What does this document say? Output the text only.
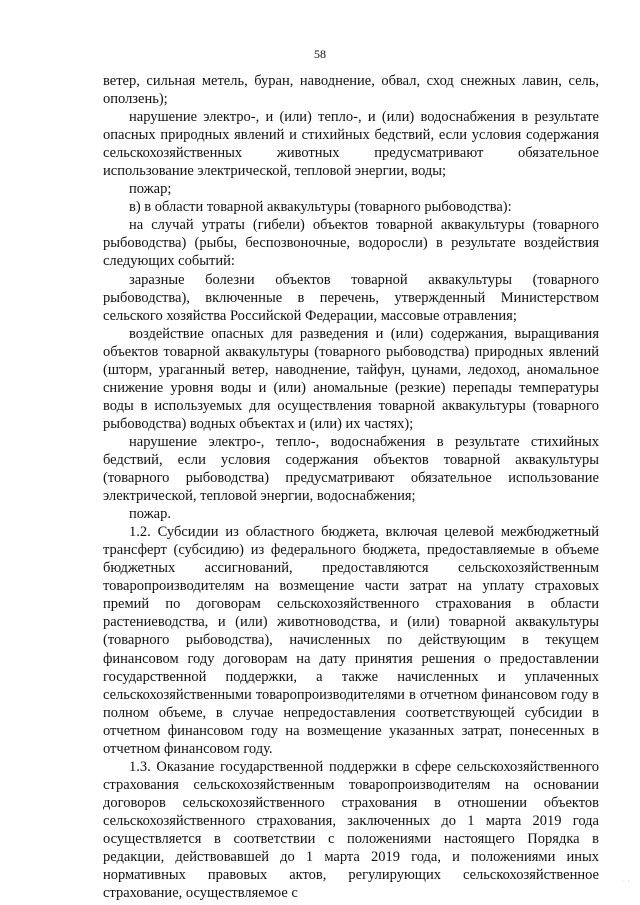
58

ветер, сильная метель, буран, наводнение, обвал, сход снежных лавин, сель, оползень);

нарушение электро-, и (или) тепло-, и (или) водоснабжения в результате опасных природных явлений и стихийных бедствий, если условия содержания сельскохозяйственных животных предусматривают обязательное использование электрической, тепловой энергии, воды;

пожар;

в) в области товарной аквакультуры (товарного рыбоводства):

на случай утраты (гибели) объектов товарной аквакультуры (товарного рыбоводства) (рыбы, беспозвоночные, водоросли) в результате воздействия следующих событий:

заразные болезни объектов товарной аквакультуры (товарного рыбоводства), включенные в перечень, утвержденный Министерством сельского хозяйства Российской Федерации, массовые отравления;

воздействие опасных для разведения и (или) содержания, выращивания объектов товарной аквакультуры (товарного рыбоводства) природных явлений (шторм, ураганный ветер, наводнение, тайфун, цунами, ледоход, аномальное снижение уровня воды и (или) аномальные (резкие) перепады температуры воды в используемых для осуществления товарной аквакультуры (товарного рыбоводства) водных объектах и (или) их частях);

нарушение электро-, тепло-, водоснабжения в результате стихийных бедствий, если условия содержания объектов товарной аквакультуры (товарного рыбоводства) предусматривают обязательное использование электрической, тепловой энергии, водоснабжения;

пожар.

1.2. Субсидии из областного бюджета, включая целевой межбюджетный трансферт (субсидию) из федерального бюджета, предоставляемые в объеме бюджетных ассигнований, предоставляются сельскохозяйственным товаропроизводителям на возмещение части затрат на уплату страховых премий по договорам сельскохозяйственного страхования в области растениеводства, и (или) животноводства, и (или) товарной аквакультуры (товарного рыбоводства), начисленных по действующим в текущем финансовом году договорам на дату принятия решения о предоставлении государственной поддержки, а также начисленных и уплаченных сельскохозяйственными товаропроизводителями в отчетном финансовом году в полном объеме, в случае непредоставления соответствующей субсидии в отчетном финансовом году на возмещение указанных затрат, понесенных в отчетном финансовом году.

1.3. Оказание государственной поддержки в сфере сельскохозяйственного страхования сельскохозяйственным товаропроизводителям на основании договоров сельскохозяйственного страхования в отношении объектов сельскохозяйственного страхования, заключенных до 1 марта 2019 года осуществляется в соответствии с положениями настоящего Порядка в редакции, действовавшей до 1 марта 2019 года, и положениями иных нормативных правовых актов, регулирующих сельскохозяйственное страхование, осуществляемое с

· ·
